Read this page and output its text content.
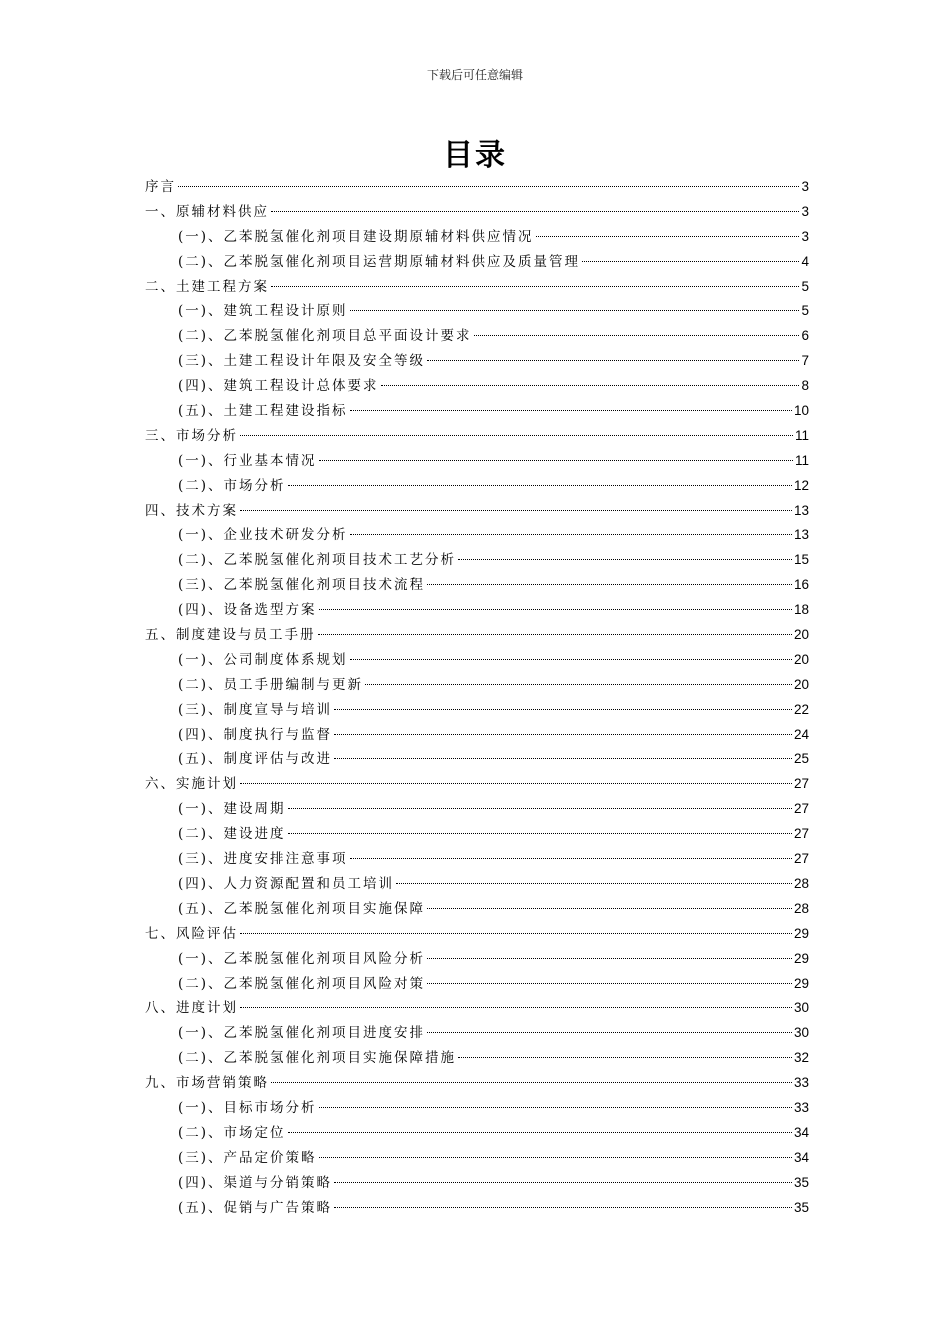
下载后可任意编辑
目录
序言	3
一、原辅材料供应	3
(一)、乙苯脱氢催化剂项目建设期原辅材料供应情况	3
(二)、乙苯脱氢催化剂项目运营期原辅材料供应及质量管理	4
二、土建工程方案	5
(一)、建筑工程设计原则	5
(二)、乙苯脱氢催化剂项目总平面设计要求	6
(三)、土建工程设计年限及安全等级	7
(四)、建筑工程设计总体要求	8
(五)、土建工程建设指标	10
三、市场分析	11
(一)、行业基本情况	11
(二)、市场分析	12
四、技术方案	13
(一)、企业技术研发分析	13
(二)、乙苯脱氢催化剂项目技术工艺分析	15
(三)、乙苯脱氢催化剂项目技术流程	16
(四)、设备选型方案	18
五、制度建设与员工手册	20
(一)、公司制度体系规划	20
(二)、员工手册编制与更新	20
(三)、制度宣导与培训	22
(四)、制度执行与监督	24
(五)、制度评估与改进	25
六、实施计划	27
(一)、建设周期	27
(二)、建设进度	27
(三)、进度安排注意事项	27
(四)、人力资源配置和员工培训	28
(五)、乙苯脱氢催化剂项目实施保障	28
七、风险评估	29
(一)、乙苯脱氢催化剂项目风险分析	29
(二)、乙苯脱氢催化剂项目风险对策	29
八、进度计划	30
(一)、乙苯脱氢催化剂项目进度安排	30
(二)、乙苯脱氢催化剂项目实施保障措施	32
九、市场营销策略	33
(一)、目标市场分析	33
(二)、市场定位	34
(三)、产品定价策略	34
(四)、渠道与分销策略	35
(五)、促销与广告策略	35
